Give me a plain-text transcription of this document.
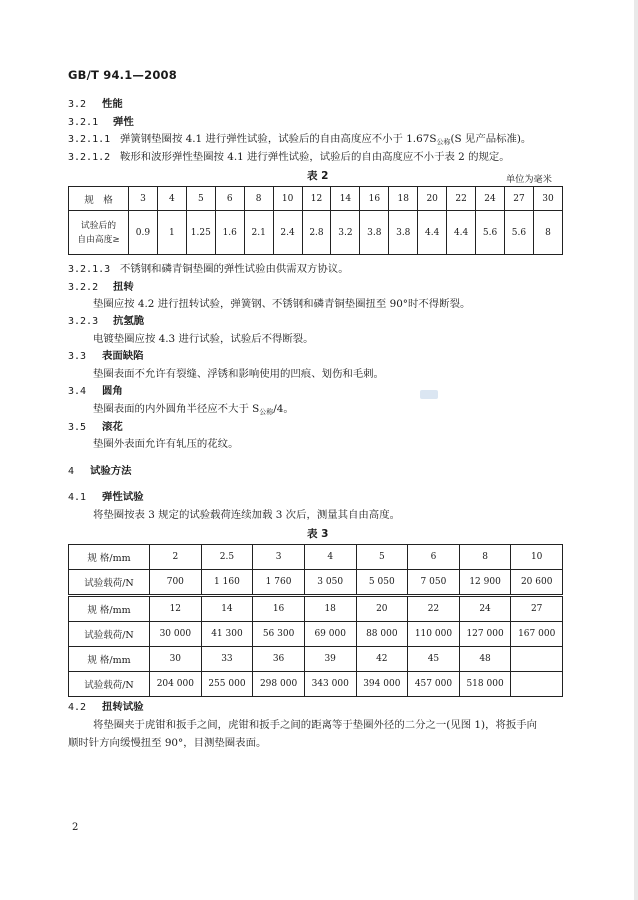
GB/T 94.1—2008
3.2 性能
3.2.1 弹性
3.2.1.1 弹簧钢垫圈按 4.1 进行弹性试验，试验后的自由高度应不小于 $1.67S_{公称}(S$ 见产品标准)。
3.2.1.2 鞍形和波形弹性垫圈按 4.1 进行弹性试验，试验后的自由高度应不小于表 2 的规定。
表 2	单位为毫米
规　格	3	4	5	6	8	10	12	14	16	18	20	22	24	27	30

试验后的
自由高度≥	0.9	1	1.25	1.6	2.1	2.4	2.8	3.2	3.8	3.8	4.4	4.4	5.6	5.6	8
3.2.1.3 不锈钢和磷青铜垫圈的弹性试验由供需双方协议。
3.2.2 扭转
垫圈应按 4.2 进行扭转试验，弹簧钢、不锈钢和磷青铜垫圈扭至 90°时不得断裂。
3.2.3 抗氢脆
电镀垫圈应按 4.3 进行试验，试验后不得断裂。
3.3 表面缺陷
垫圈表面不允许有裂缝、浮锈和影响使用的凹痕、划伤和毛刺。
3.4 圆角
垫圈表面的内外圆角半径应不大于 $S_{公称}/4$。
3.5 滚花
垫圈外表面允许有轧压的花纹。
4 试验方法
4.1 弹性试验
将垫圈按表 3 规定的试验载荷连续加载 3 次后，测量其自由高度。
表 3
规 格/mm	2	2.5	3	4	5	6	8	10
试验载荷/N	700	1 160	1 760	3 050	5 050	7 050	12 900	20 600
规 格/mm	12	14	16	18	20	22	24	27
试验载荷/N	30 000	41 300	56 300	69 000	88 000	110 000	127 000	167 000
规 格/mm	30	33	36	39	42	45	48	
试验载荷/N	204 000	255 000	298 000	343 000	394 000	457 000	518 000	
4.2 扭转试验
将垫圈夹于虎钳和扳手之间，虎钳和扳手之间的距离等于垫圈外径的二分之一(见图 1)，将扳手向
顺时针方向缓慢扭至 90°，目测垫圈表面。
2
